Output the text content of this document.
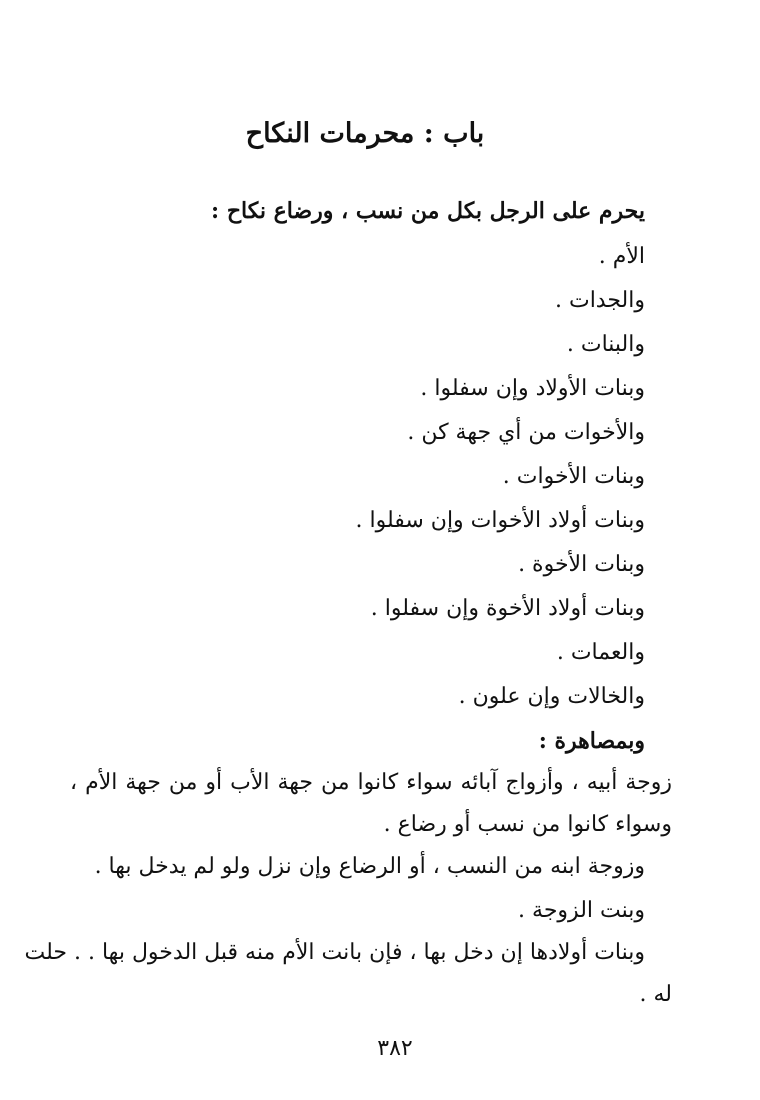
باب : محرمات النكاح
يحرم على الرجل بكل من نسب ، ورضاع نكاح :
الأم .
والجدات .
والبنات .
وبنات الأولاد وإن سفلوا .
والأخوات من أي جهة كن .
وبنات الأخوات .
وبنات أولاد الأخوات وإن سفلوا .
وبنات الأخوة .
وبنات أولاد الأخوة وإن سفلوا .
والعمات .
والخالات وإن علون .
وبمصاهرة :
زوجة أبيه ، وأزواج آبائه سواء كانوا من جهة الأب أو من جهة الأم ،
وسواء كانوا من نسب أو رضاع .
وزوجة ابنه من النسب ، أو الرضاع وإن نزل ولو لم يدخل بها .
وبنت الزوجة .
وبنات أولادها إن دخل بها ، فإن بانت الأم منه قبل الدخول بها . . حلت
له .
٣٨٢
